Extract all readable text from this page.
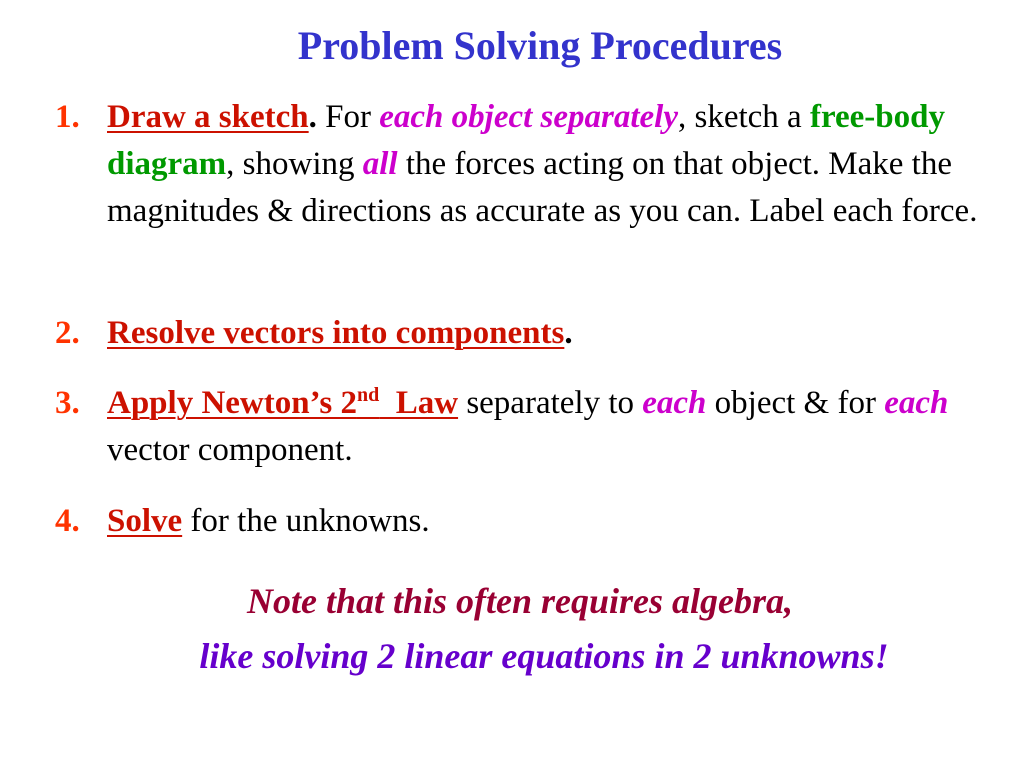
Problem Solving Procedures
1. Draw a sketch. For each object separately, sketch a free-body diagram, showing all the forces acting on that object. Make the magnitudes & directions as accurate as you can. Label each force.
2. Resolve vectors into components.
3. Apply Newton’s 2nd  Law separately to each object & for each vector component.
4. Solve for the unknowns.
Note that this often requires algebra,
like solving 2 linear equations in 2 unknowns!
